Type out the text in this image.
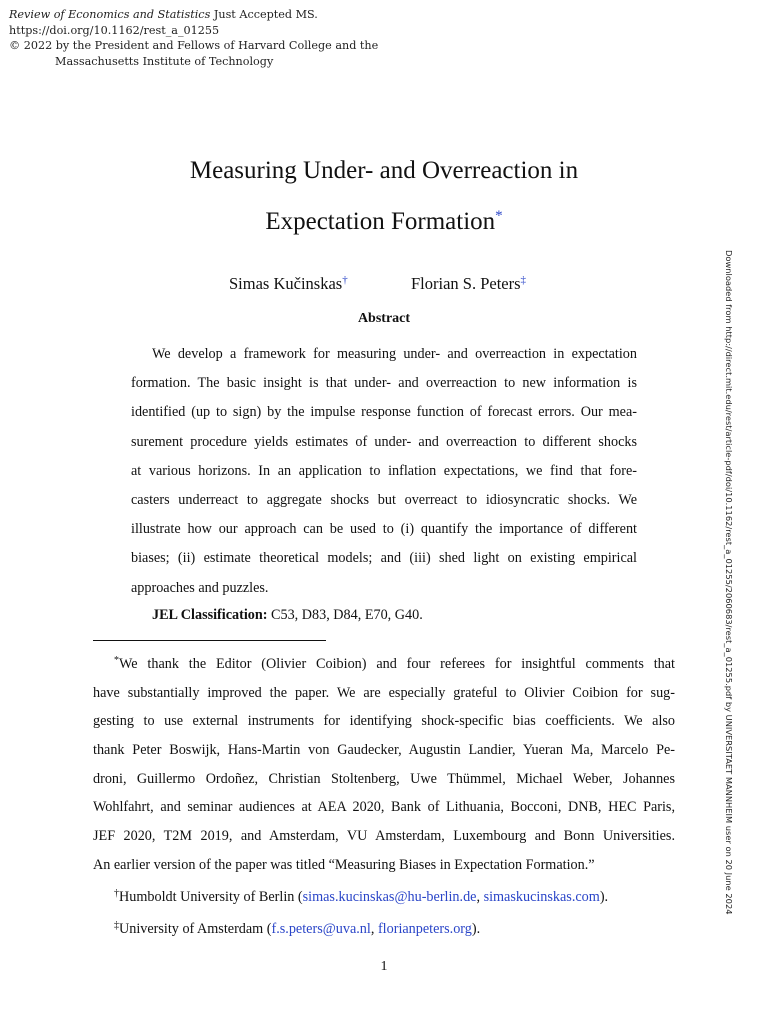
Review of Economics and Statistics Just Accepted MS.
https://doi.org/10.1162/rest_a_01255
© 2022 by the President and Fellows of Harvard College and the
Massachusetts Institute of Technology
Measuring Under- and Overreaction in
Expectation Formation*
Simas Kučinskas†	Florian S. Peters‡
Abstract
We develop a framework for measuring under- and overreaction in expectation
formation. The basic insight is that under- and overreaction to new information is
identified (up to sign) by the impulse response function of forecast errors. Our mea-
surement procedure yields estimates of under- and overreaction to different shocks
at various horizons. In an application to inflation expectations, we find that fore-
casters underreact to aggregate shocks but overreact to idiosyncratic shocks. We
illustrate how our approach can be used to (i) quantify the importance of different
biases; (ii) estimate theoretical models; and (iii) shed light on existing empirical
approaches and puzzles.
JEL Classification: C53, D83, D84, E70, G40.
*We thank the Editor (Olivier Coibion) and four referees for insightful comments that
have substantially improved the paper. We are especially grateful to Olivier Coibion for sug-
gesting to use external instruments for identifying shock-specific bias coefficients. We also
thank Peter Boswijk, Hans-Martin von Gaudecker, Augustin Landier, Yueran Ma, Marcelo Pe-
droni, Guillermo Ordoñez, Christian Stoltenberg, Uwe Thümmel, Michael Weber, Johannes
Wohlfahrt, and seminar audiences at AEA 2020, Bank of Lithuania, Bocconi, DNB, HEC Paris,
JEF 2020, T2M 2019, and Amsterdam, VU Amsterdam, Luxembourg and Bonn Universities.
An earlier version of the paper was titled “Measuring Biases in Expectation Formation.”
†Humboldt University of Berlin (simas.kucinskas@hu-berlin.de, simaskucinskas.com).
‡University of Amsterdam (f.s.peters@uva.nl, florianpeters.org).
1
Downloaded from http://direct.mit.edu/rest/article-pdf/doi/10.1162/rest_a_01255/2060683/rest_a_01255.pdf by UNIVERSITAET MANNHEIM user on 20 June 2024
